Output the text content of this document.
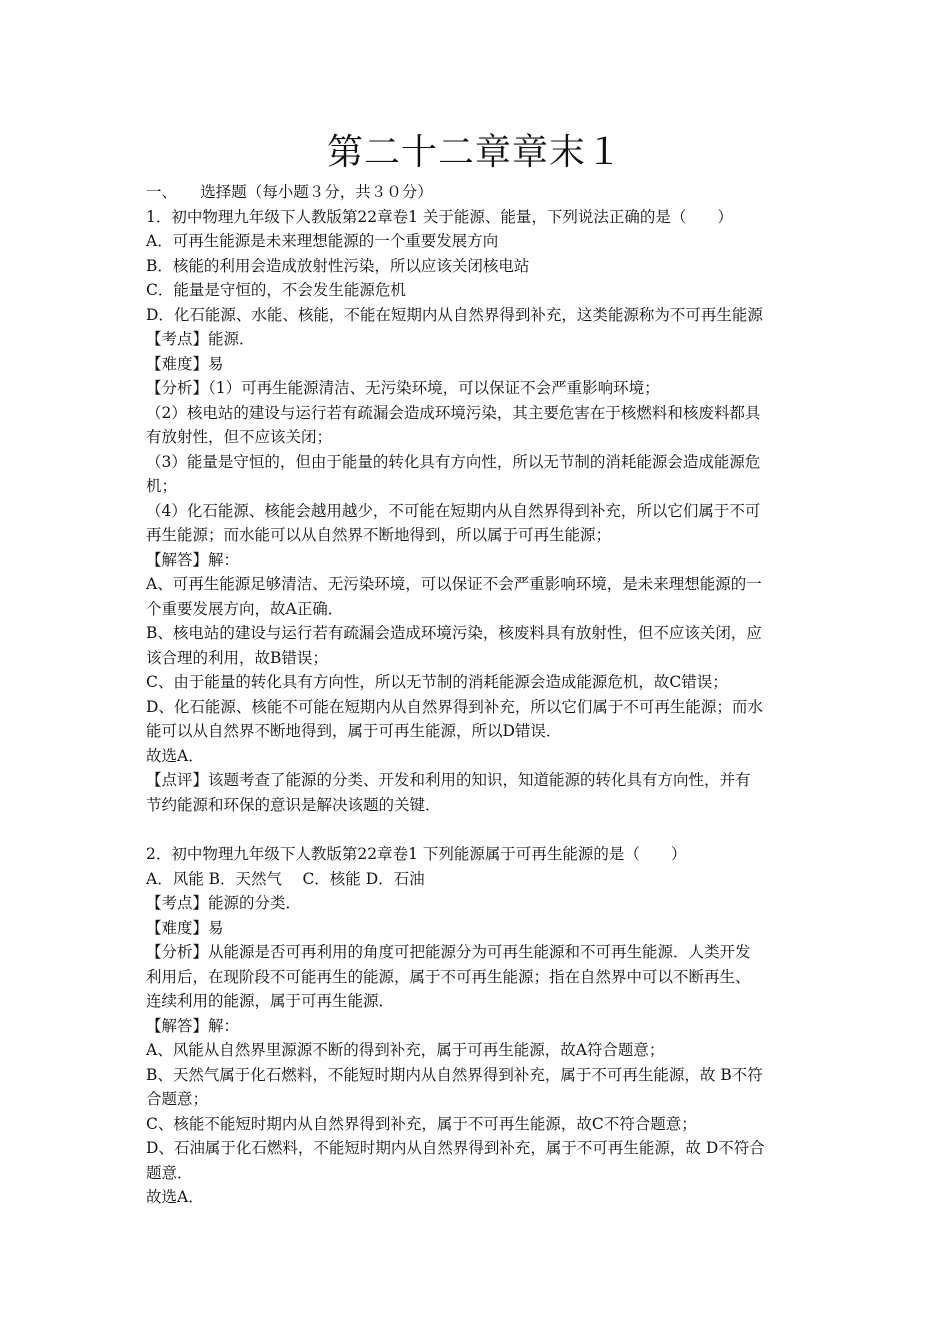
第二十二章章末１
一、　　选择题（每小题３分，共３０分）
1．初中物理九年级下人教版第22章卷1 关于能源、能量，下列说法正确的是（　　）
A．可再生能源是未来理想能源的一个重要发展方向
B．核能的利用会造成放射性污染，所以应该关闭核电站
C．能量是守恒的，不会发生能源危机
D．化石能源、水能、核能，不能在短期内从自然界得到补充，这类能源称为不可再生能源
【考点】能源．
【难度】易
【分析】（1）可再生能源清洁、无污染环境，可以保证不会严重影响环境；
（2）核电站的建设与运行若有疏漏会造成环境污染，其主要危害在于核燃料和核废料都具
有放射性，但不应该关闭；
（3）能量是守恒的，但由于能量的转化具有方向性，所以无节制的消耗能源会造成能源危
机；
（4）化石能源、核能会越用越少，不可能在短期内从自然界得到补充，所以它们属于不可
再生能源；而水能可以从自然界不断地得到，所以属于可再生能源；
【解答】解：
A、可再生能源足够清洁、无污染环境，可以保证不会严重影响环境，是未来理想能源的一
个重要发展方向，故A正确．
B、核电站的建设与运行若有疏漏会造成环境污染，核废料具有放射性，但不应该关闭，应
该合理的利用，故B错误；
C、由于能量的转化具有方向性，所以无节制的消耗能源会造成能源危机，故C错误；
D、化石能源、核能不可能在短期内从自然界得到补充，所以它们属于不可再生能源；而水
能可以从自然界不断地得到，属于可再生能源，所以D错误．
故选A．
【点评】该题考查了能源的分类、开发和利用的知识，知道能源的转化具有方向性，并有
节约能源和环保的意识是解决该题的关键．
2．初中物理九年级下人教版第22章卷1 下列能源属于可再生能源的是（　　）
A．风能 B．天然气　 C．核能 D．石油
【考点】能源的分类．
【难度】易
【分析】从能源是否可再利用的角度可把能源分为可再生能源和不可再生能源．人类开发
利用后，在现阶段不可能再生的能源，属于不可再生能源；指在自然界中可以不断再生、
连续利用的能源，属于可再生能源．
【解答】解：
A、风能从自然界里源源不断的得到补充，属于可再生能源，故A符合题意；
B、天然气属于化石燃料，不能短时期内从自然界得到补充，属于不可再生能源，故 B不符
合题意；
C、核能不能短时期内从自然界得到补充，属于不可再生能源，故C不符合题意；
D、石油属于化石燃料，不能短时期内从自然界得到补充，属于不可再生能源，故 D不符合
题意．
故选A．
